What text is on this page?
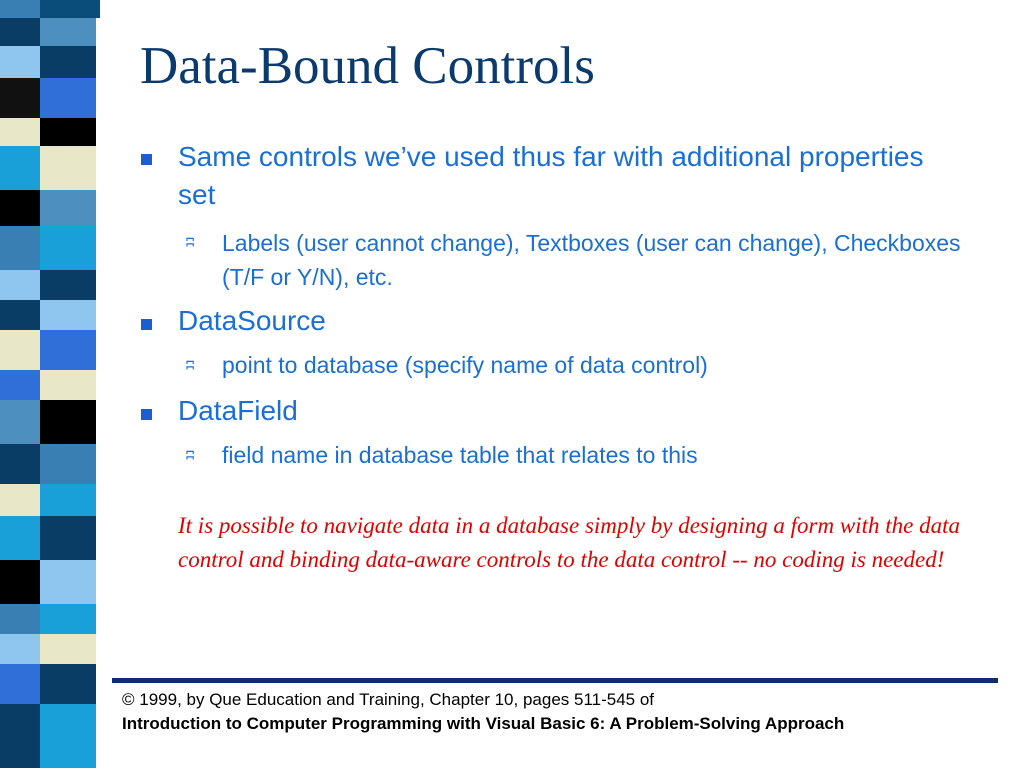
Data-Bound Controls
Same controls we’ve used thus far with additional properties set
ʭ Labels (user cannot change), Textboxes (user can change), Checkboxes (T/F or Y/N), etc.
DataSource
ʭ point to database (specify name of data control)
DataField
ʭ field name in database table that relates to this
It is possible to navigate data in a database simply by designing a form with the data control and binding data-aware controls to the data control -- no coding is needed!
© 1999, by Que Education and Training, Chapter 10, pages 511-545 of
Introduction to Computer Programming with Visual Basic 6: A Problem-Solving Approach
